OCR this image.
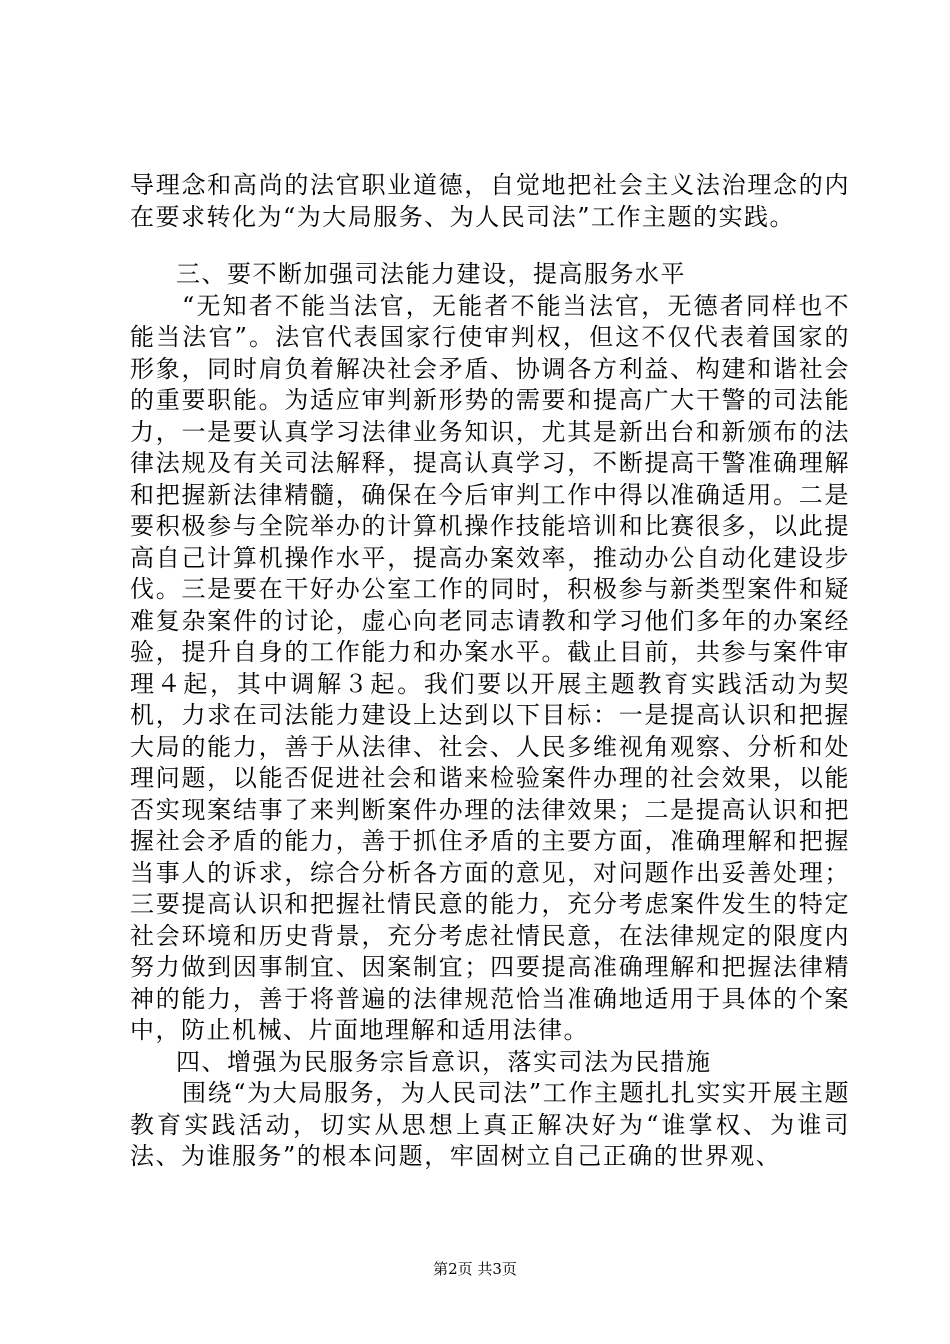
导理念和高尚的法官职业道德，自觉地把社会主义法治理念的内在要求转化为“为大局服务、为人民司法”工作主题的实践。

三、要不断加强司法能力建设，提高服务水平

“无知者不能当法官，无能者不能当法官，无德者同样也不能当法官”。法官代表国家行使审判权，但这不仅代表着国家的形象，同时肩负着解决社会矛盾、协调各方利益、构建和谐社会的重要职能。为适应审判新形势的需要和提高广大干警的司法能力，一是要认真学习法律业务知识，尤其是新出台和新颁布的法律法规及有关司法解释，提高认真学习，不断提高干警准确理解和把握新法律精髓，确保在今后审判工作中得以准确适用。二是要积极参与全院举办的计算机操作技能培训和比赛很多，以此提高自己计算机操作水平，提高办案效率，推动办公自动化建设步伐。三是要在干好办公室工作的同时，积极参与新类型案件和疑难复杂案件的讨论，虚心向老同志请教和学习他们多年的办案经验，提升自身的工作能力和办案水平。截止目前，共参与案件审理４起，其中调解３起。我们要以开展主题教育实践活动为契机，力求在司法能力建设上达到以下目标：一是提高认识和把握大局的能力，善于从法律、社会、人民多维视角观察、分析和处理问题，以能否促进社会和谐来检验案件办理的社会效果，以能否实现案结事了来判断案件办理的法律效果；二是提高认识和把握社会矛盾的能力，善于抓住矛盾的主要方面，准确理解和把握当事人的诉求，综合分析各方面的意见，对问题作出妥善处理；三要提高认识和把握社情民意的能力，充分考虑案件发生的特定社会环境和历史背景，充分考虑社情民意，在法律规定的限度内努力做到因事制宜、因案制宜；四要提高准确理解和把握法律精神的能力，善于将普遍的法律规范恰当准确地适用于具体的个案中，防止机械、片面地理解和适用法律。

四、增强为民服务宗旨意识，落实司法为民措施

围绕“为大局服务，为人民司法”工作主题扎扎实实开展主题教育实践活动，切实从思想上真正解决好为“谁掌权、为谁司法、为谁服务”的根本问题，牢固树立自己正确的世界观、

第2页 共3页
